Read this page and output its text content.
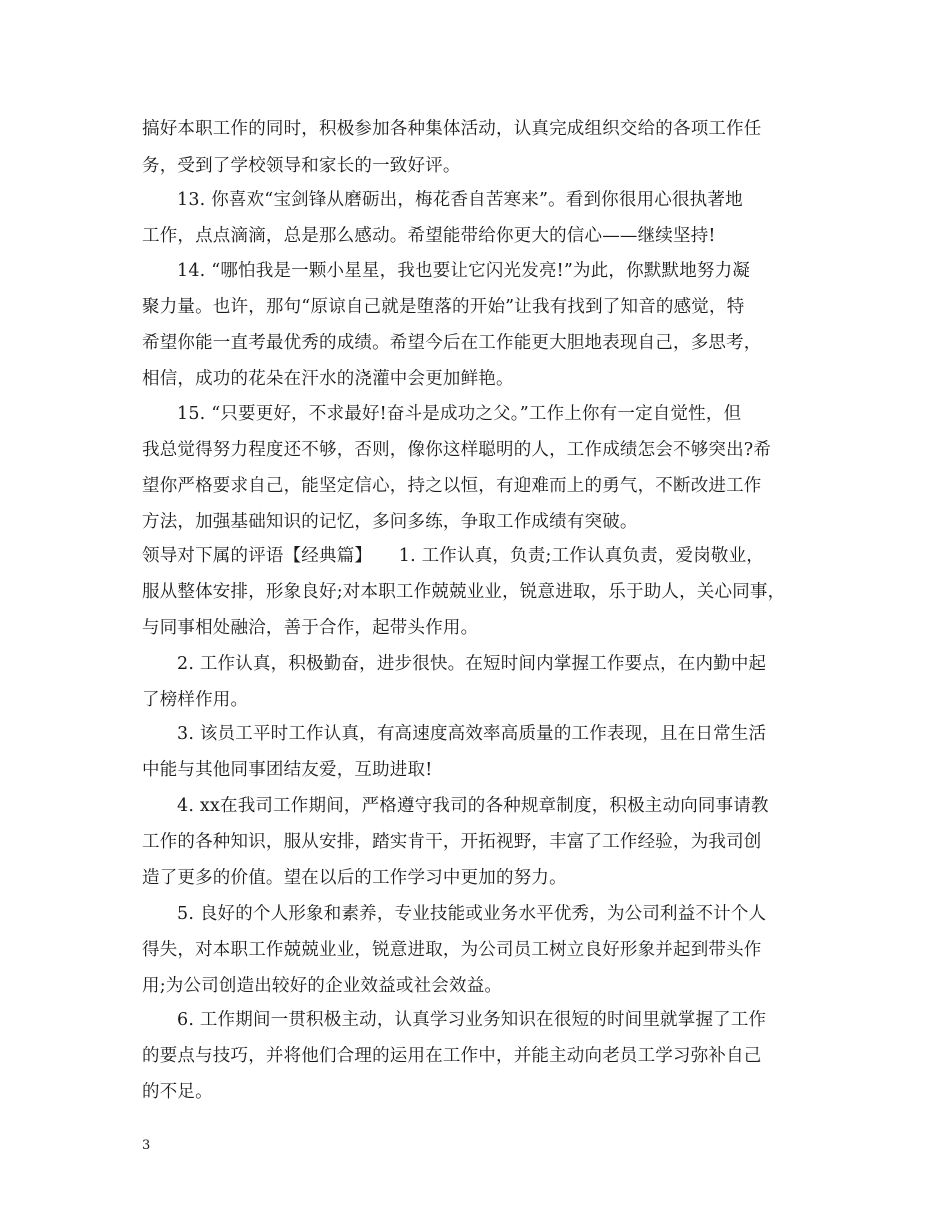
搞好本职工作的同时，积极参加各种集体活动，认真完成组织交给的各项工作任
务，受到了学校领导和家长的一致好评。
13. 你喜欢“宝剑锋从磨砺出，梅花香自苦寒来”。看到你很用心很执著地
工作，点点滴滴，总是那么感动。希望能带给你更大的信心——继续坚持!
14. “哪怕我是一颗小星星，我也要让它闪光发亮!”为此，你默默地努力凝
聚力量。也许，那句“原谅自己就是堕落的开始”让我有找到了知音的感觉，特
希望你能一直考最优秀的成绩。希望今后在工作能更大胆地表现自己，多思考，
相信，成功的花朵在汗水的浇灌中会更加鲜艳。
15. “只要更好，不求最好!奋斗是成功之父。”工作上你有一定自觉性，但
我总觉得努力程度还不够，否则，像你这样聪明的人，工作成绩怎会不够突出?希
望你严格要求自己，能坚定信心，持之以恒，有迎难而上的勇气，不断改进工作
方法，加强基础知识的记忆，多问多练，争取工作成绩有突破。
领导对下属的评语【经典篇】　　1. 工作认真，负责;工作认真负责，爱岗敬业，
服从整体安排，形象良好;对本职工作兢兢业业，锐意进取，乐于助人，关心同事，
与同事相处融洽，善于合作，起带头作用。
2. 工作认真，积极勤奋，进步很快。在短时间内掌握工作要点，在内勤中起
了榜样作用。
3. 该员工平时工作认真，有高速度高效率高质量的工作表现，且在日常生活
中能与其他同事团结友爱，互助进取!
4. xx在我司工作期间，严格遵守我司的各种规章制度，积极主动向同事请教
工作的各种知识，服从安排，踏实肯干，开拓视野，丰富了工作经验，为我司创
造了更多的价值。望在以后的工作学习中更加的努力。
5. 良好的个人形象和素养，专业技能或业务水平优秀，为公司利益不计个人
得失，对本职工作兢兢业业，锐意进取，为公司员工树立良好形象并起到带头作
用;为公司创造出较好的企业效益或社会效益。
6. 工作期间一贯积极主动，认真学习业务知识在很短的时间里就掌握了工作
的要点与技巧，并将他们合理的运用在工作中，并能主动向老员工学习弥补自己
的不足。
3
